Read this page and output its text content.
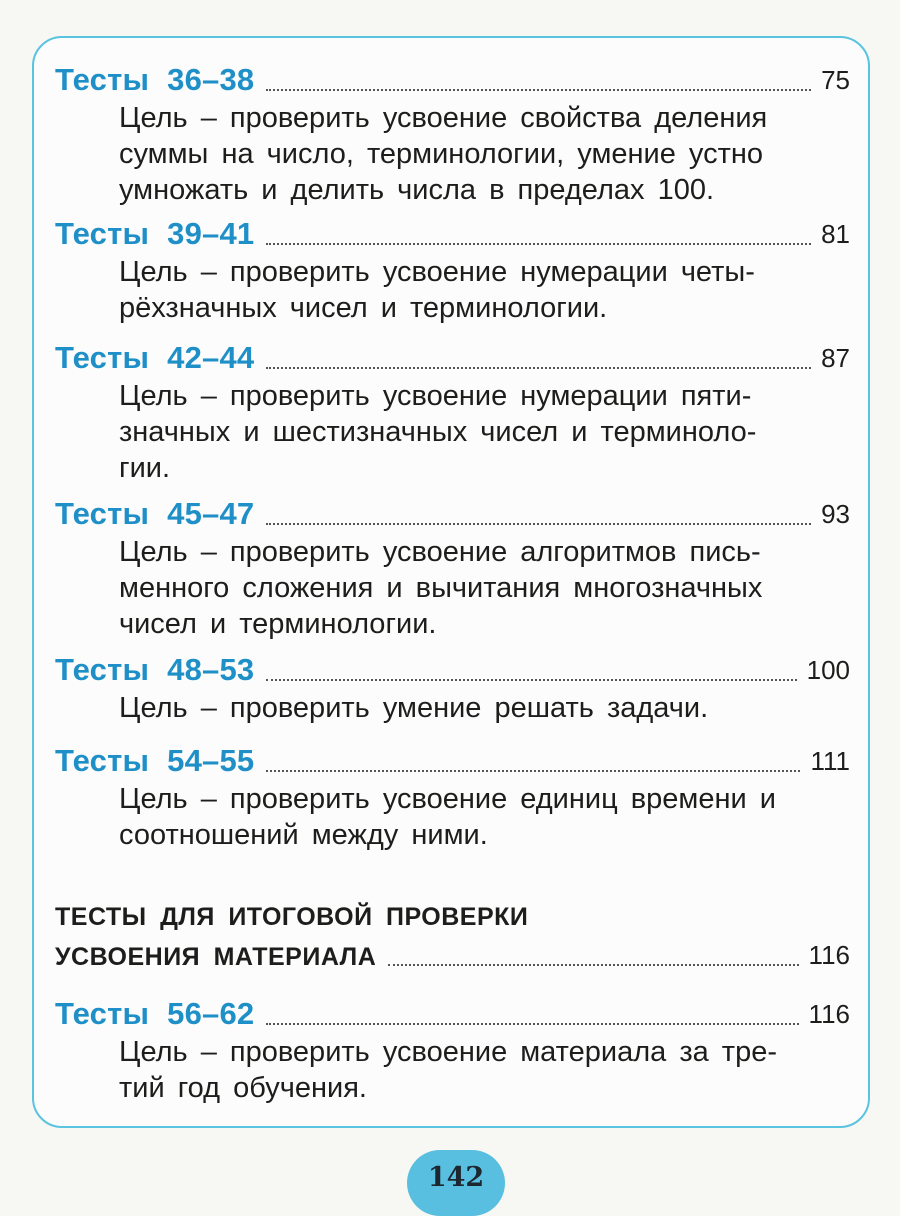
Тесты 36–38	75
Цель – проверить усвоение свойства деления
суммы на число, терминологии, умение устно
умножать и делить числа в пределах 100.
Тесты 39–41	81
Цель – проверить усвоение нумерации четы-
рёхзначных чисел и терминологии.
Тесты 42–44	87
Цель – проверить усвоение нумерации пяти-
значных и шестизначных чисел и терминоло-
гии.
Тесты 45–47	93
Цель – проверить усвоение алгоритмов пись-
менного сложения и вычитания многозначных
чисел и терминологии.
Тесты 48–53	100
Цель – проверить умение решать задачи.
Тесты 54–55	111
Цель – проверить усвоение единиц времени и
соотношений между ними.
ТЕСТЫ ДЛЯ ИТОГОВОЙ ПРОВЕРКИ
УСВОЕНИЯ МАТЕРИАЛА	116
Тесты 56–62	116
Цель – проверить усвоение материала за тре-
тий год обучения.
142
